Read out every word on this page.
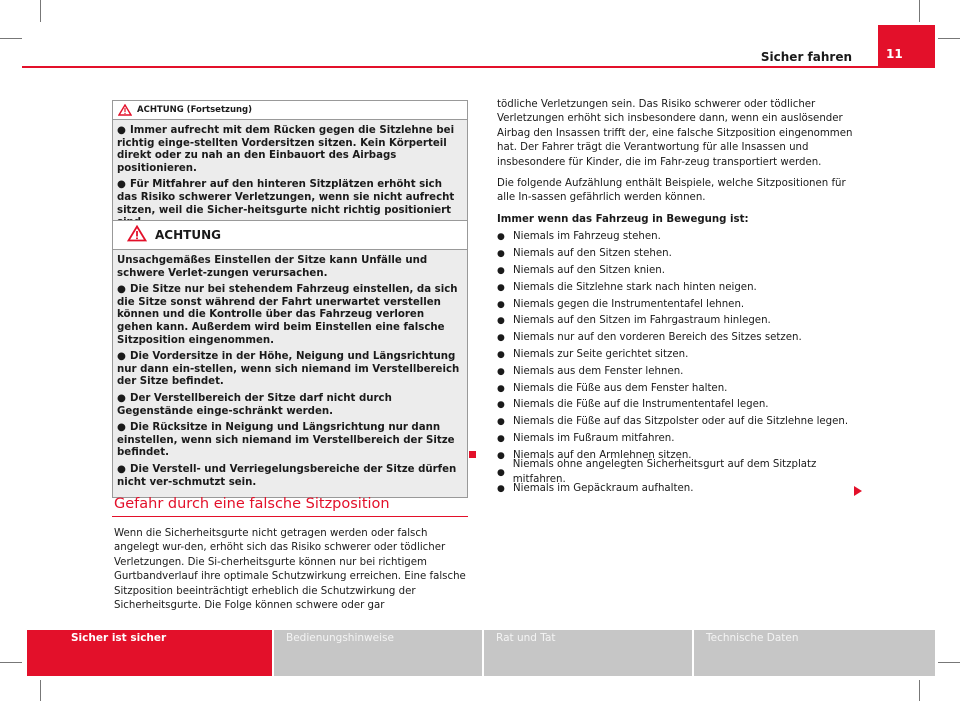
Sicher fahren	11
ACHTUNG (Fortsetzung)

● Immer aufrecht mit dem Rücken gegen die Sitzlehne bei richtig einge-stellten Vordersitzen sitzen. Kein Körperteil direkt oder zu nah an den Einbauort des Airbags positionieren.

● Für Mitfahrer auf den hinteren Sitzplätzen erhöht sich das Risiko schwerer Verletzungen, wenn sie nicht aufrecht sitzen, weil die Sicher-heitsgurte nicht richtig positioniert

ACHTUNG

Unsachgemäßes Einstellen der Sitze kann Unfälle und schwere Verlet-zungen verursachen.

● Die Sitze nur bei stehendem Fahrzeug einstellen, da sich die Sitze sonst während der Fahrt unerwartet verstellen können und die Kontrolle über das Fahrzeug verloren gehen kann. Außerdem wird beim Einstellen eine falsche Sitzposition eingenommen.

● Die Vordersitze in der Höhe, Neigung und Längsrichtung nur dann ein-stellen, wenn sich niemand im Verstellbereich der Sitze befindet.

● Der Verstellbereich der Sitze darf nicht durch Gegenstände einge-schränkt werden.

● Die Rücksitze in Neigung und Längsrichtung nur dann einstellen, wenn sich niemand im Verstellbereich der Sitze befindet.

● Die Verstell- und Verriegelungsbereiche der Sitze dürfen nicht ver-schmutzt sein.

Gefahr durch eine falsche Sitzposition
Wenn die Sicherheitsgurte nicht getragen werden oder falsch angelegt wur-den, erhöht sich das Risiko schwerer oder tödlicher Verletzungen. Die Si-cherheitsgurte können nur bei richtigem Gurtbandverlauf ihre optimale Schutzwirkung erreichen. Eine falsche Sitzposition beeinträchtigt erheblich die Schutzwirkung der Sicherheitsgurte. Die Folge können schwere oder gar

tödliche Verletzungen sein. Das Risiko schwerer oder tödlicher Verletzungen erhöht sich insbesondere dann, wenn ein auslösender Airbag den Insassen trifft der, eine falsche Sitzposition eingenommen hat. Der Fahrer trägt die Verantwortung für alle Insassen und insbesondere für Kinder, die im Fahr-zeug transportiert werden.

Die folgende Aufzählung enthält Beispiele, welche Sitzpositionen für alle In-sassen gefährlich werden können.

Immer wenn das Fahrzeug in Bewegung ist:

● Niemals im Fahrzeug stehen.
● Niemals auf den Sitzen stehen.
● Niemals auf den Sitzen knien.
● Niemals die Sitzlehne stark nach hinten neigen.
● Niemals gegen die Instrumententafel lehnen.
● Niemals auf den Sitzen im Fahrgastraum hinlegen.
● Niemals nur auf den vorderen Bereich des Sitzes setzen.
● Niemals zur Seite gerichtet sitzen.
● Niemals aus dem Fenster lehnen.
● Niemals die Füße aus dem Fenster halten.
● Niemals die Füße auf die Instrumententafel legen.
● Niemals die Füße auf das Sitzpolster oder auf die Sitzlehne legen.
● Niemals im Fußraum mitfahren.
● Niemals auf den Armlehnen sitzen.
●
Niemals ohne angelegten Sicherheitsgurt auf dem Sitzplatz mitfahren.
● Niemals im Gepäckraum aufhalten.
Sicher ist sicher	Bedienungshinweise	Rat und Tat	Technische Daten
